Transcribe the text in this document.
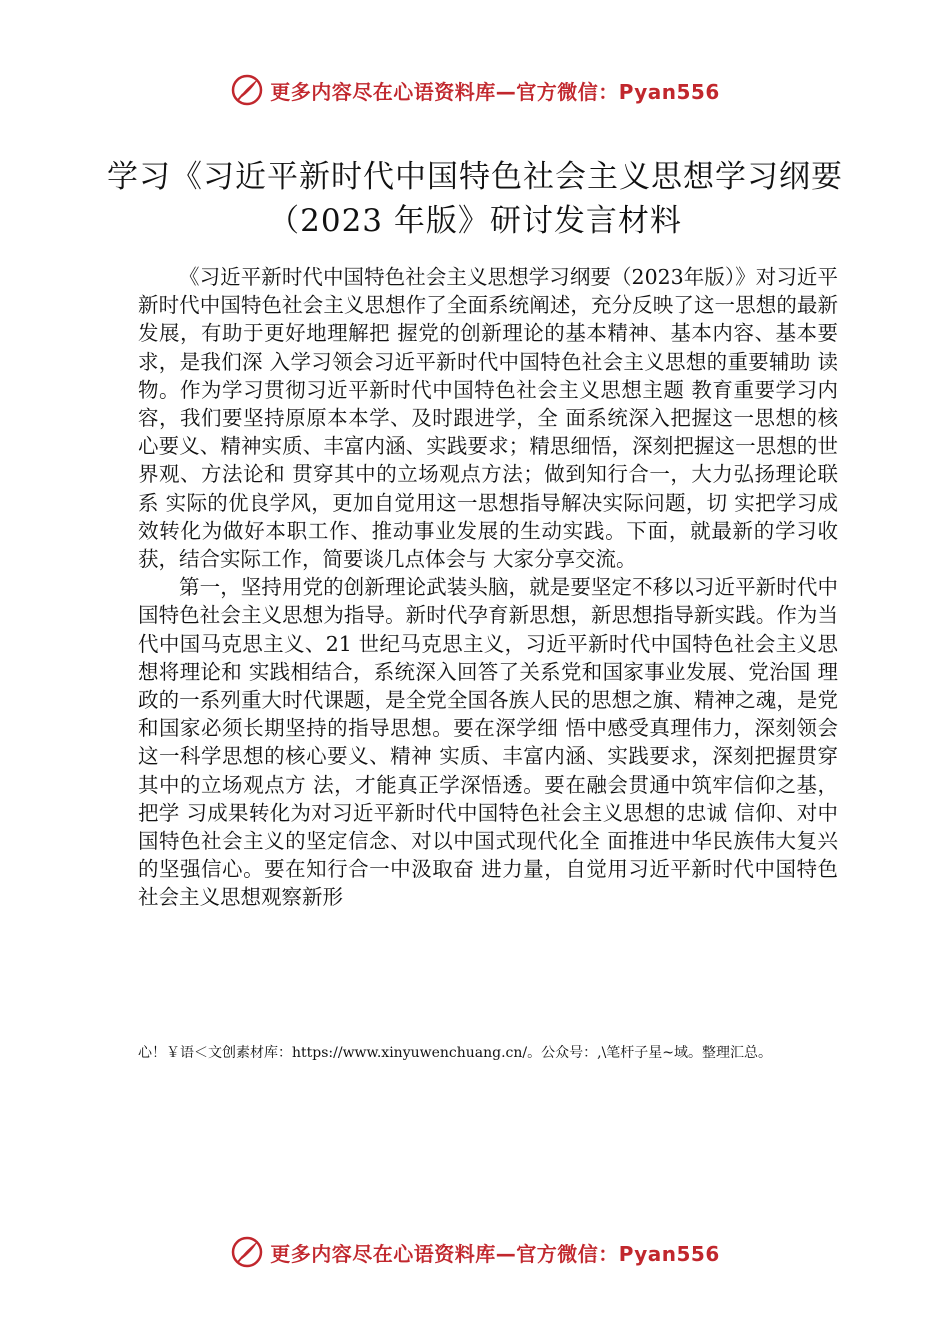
更多内容尽在心语资料库—官方微信：Pyan556
学习《习近平新时代中国特色社会主义思想学习纲要（2023 年版》研讨发言材料

《习近平新时代中国特色社会主义思想学习纲要（2023年版）》对习近平新时代中国特色社会主义思想作了全面系统阐述，充分反映了这一思想的最新发展，有助于更好地理解把 握党的创新理论的基本精神、基本内容、基本要求，是我们深 入学习领会习近平新时代中国特色社会主义思想的重要辅助 读物。作为学习贯彻习近平新时代中国特色社会主义思想主题 教育重要学习内容，我们要坚持原原本本学、及时跟进学，全 面系统深入把握这一思想的核心要义、精神实质、丰富内涵、实践要求；精思细悟，深刻把握这一思想的世界观、方法论和 贯穿其中的立场观点方法；做到知行合一，大力弘扬理论联系 实际的优良学风，更加自觉用这一思想指导解决实际问题，切 实把学习成效转化为做好本职工作、推动事业发展的生动实践。下面，就最新的学习收获，结合实际工作，简要谈几点体会与 大家分享交流。

第一，坚持用党的创新理论武装头脑，就是要坚定不移以习近平新时代中国特色社会主义思想为指导。新时代孕育新思想，新思想指导新实践。作为当代中国马克思主义、21 世纪马克思主义，习近平新时代中国特色社会主义思想将理论和 实践相结合，系统深入回答了关系党和国家事业发展、党治国 理政的一系列重大时代课题，是全党全国各族人民的思想之旗、精神之魂，是党和国家必须长期坚持的指导思想。要在深学细 悟中感受真理伟力，深刻领会这一科学思想的核心要义、精神 实质、丰富内涵、实践要求，深刻把握贯穿其中的立场观点方 法，才能真正学深悟透。要在融会贯通中筑牢信仰之基，把学 习成果转化为对习近平新时代中国特色社会主义思想的忠诚 信仰、对中国特色社会主义的坚定信念、对以中国式现代化全 面推进中华民族伟大复兴的坚强信心。要在知行合一中汲取奋 进力量，自觉用习近平新时代中国特色社会主义思想观察新形

心！￥语＜文创素材库：https://www.xinyuwenchuang.cn/。公众号：,\笔杆子星~域。整理汇总。

更多内容尽在心语资料库—官方微信：Pyan556
